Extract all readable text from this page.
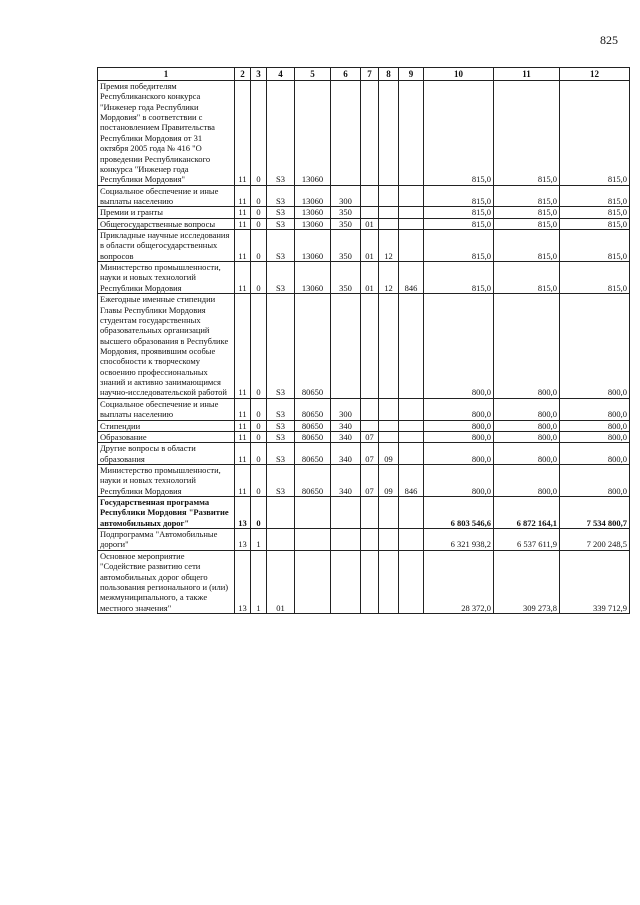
825
1	2	3	4	5	6	7	8	9	10	11	12
Премия победителям Республиканского конкурса "Инженер года Республики Мордовия" в соответствии с постановлением Правительства Республики Мордовия от 31 октября 2005 года № 416 "О проведении Республиканского конкурса "Инженер года Республики Мордовия"	11	0	S3	13060					815,0	815,0	815,0
Социальное обеспечение и иные выплаты населению	11	0	S3	13060	300				815,0	815,0	815,0
Премии и гранты	11	0	S3	13060	350				815,0	815,0	815,0
Общегосударственные вопросы	11	0	S3	13060	350	01			815,0	815,0	815,0
Прикладные научные исследования в области общегосударственных вопросов	11	0	S3	13060	350	01	12		815,0	815,0	815,0
Министерство промышленности, науки и новых технологий Республики Мордовия	11	0	S3	13060	350	01	12	846	815,0	815,0	815,0
Ежегодные именные стипендии Главы Республики Мордовия студентам государственных образовательных организаций высшего образования в Республике Мордовия, проявившим особые способности к творческому освоению профессиональных знаний и активно занимающимся научно-исследовательской работой	11	0	S3	80650					800,0	800,0	800,0
Социальное обеспечение и иные выплаты населению	11	0	S3	80650	300				800,0	800,0	800,0
Стипендии	11	0	S3	80650	340				800,0	800,0	800,0
Образование	11	0	S3	80650	340	07			800,0	800,0	800,0
Другие вопросы в области образования	11	0	S3	80650	340	07	09		800,0	800,0	800,0
Министерство промышленности, науки и новых технологий Республики Мордовия	11	0	S3	80650	340	07	09	846	800,0	800,0	800,0
Государственная программа Республики Мордовия "Развитие автомобильных дорог"	13	0							6 803 546,6	6 872 164,1	7 534 800,7
Подпрограмма "Автомобильные дороги"	13	1							6 321 938,2	6 537 611,9	7 200 248,5
Основное мероприятие "Содействие развитию сети автомобильных дорог общего пользования регионального и (или) межмуниципального, а также местного значения"	13	1	01						28 372,0	309 273,8	339 712,9
